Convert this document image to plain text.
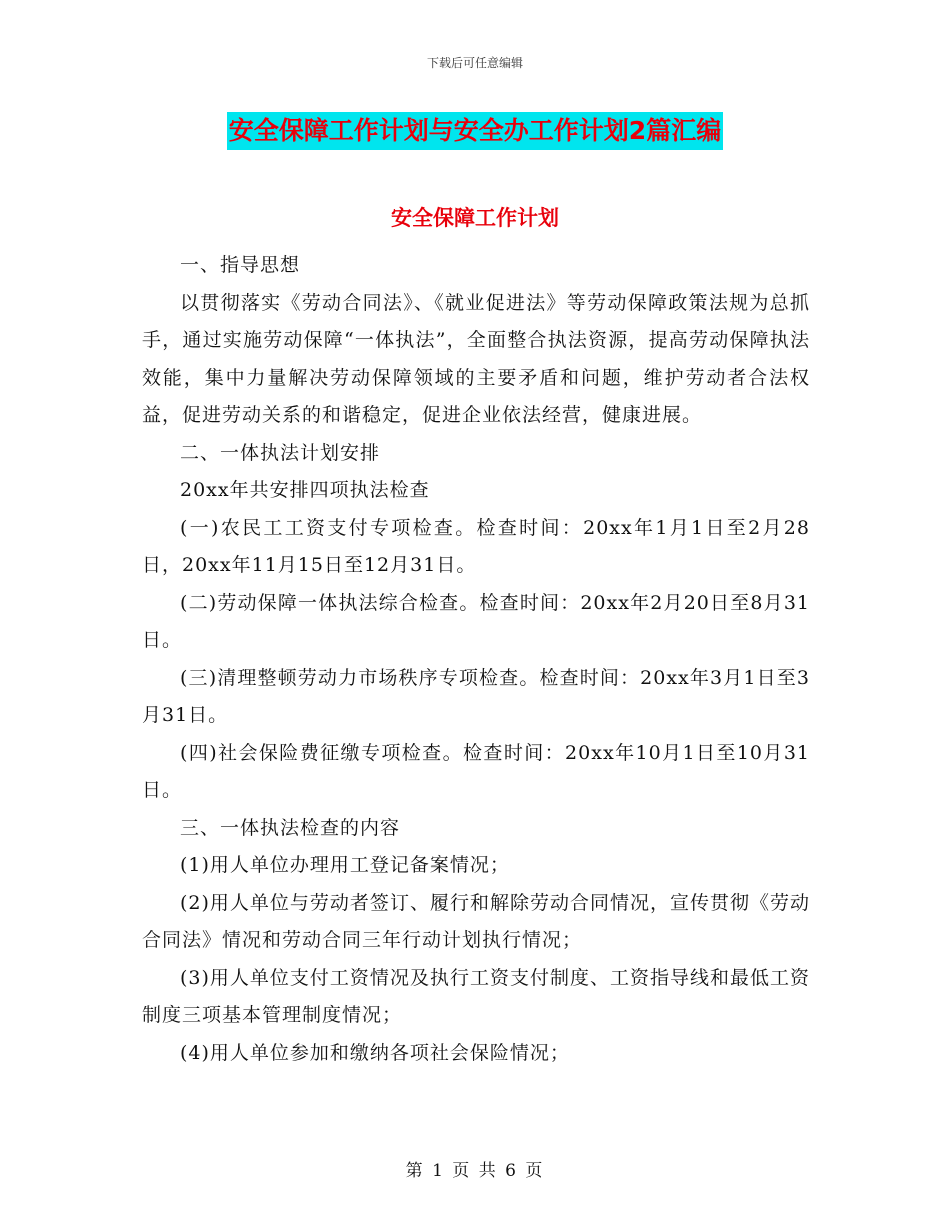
下载后可任意编辑
安全保障工作计划与安全办工作计划2篇汇编
安全保障工作计划

一、指导思想

以贯彻落实《劳动合同法》、《就业促进法》等劳动保障政策法规为总抓手，通过实施劳动保障“一体执法”，全面整合执法资源，提高劳动保障执法效能，集中力量解决劳动保障领域的主要矛盾和问题，维护劳动者合法权益，促进劳动关系的和谐稳定，促进企业依法经营，健康进展。

二、一体执法计划安排

20xx年共安排四项执法检查

(一)农民工工资支付专项检查。检查时间：20xx年1月1日至2月28日，20xx年11月15日至12月31日。

(二)劳动保障一体执法综合检查。检查时间：20xx年2月20日至8月31日。

(三)清理整顿劳动力市场秩序专项检查。检查时间：20xx年3月1日至3月31日。

(四)社会保险费征缴专项检查。检查时间：20xx年10月1日至10月31日。

三、一体执法检查的内容

(1)用人单位办理用工登记备案情况；

(2)用人单位与劳动者签订、履行和解除劳动合同情况，宣传贯彻《劳动合同法》情况和劳动合同三年行动计划执行情况；

(3)用人单位支付工资情况及执行工资支付制度、工资指导线和最低工资制度三项基本管理制度情况；

(4)用人单位参加和缴纳各项社会保险情况；

第 1 页 共 6 页
